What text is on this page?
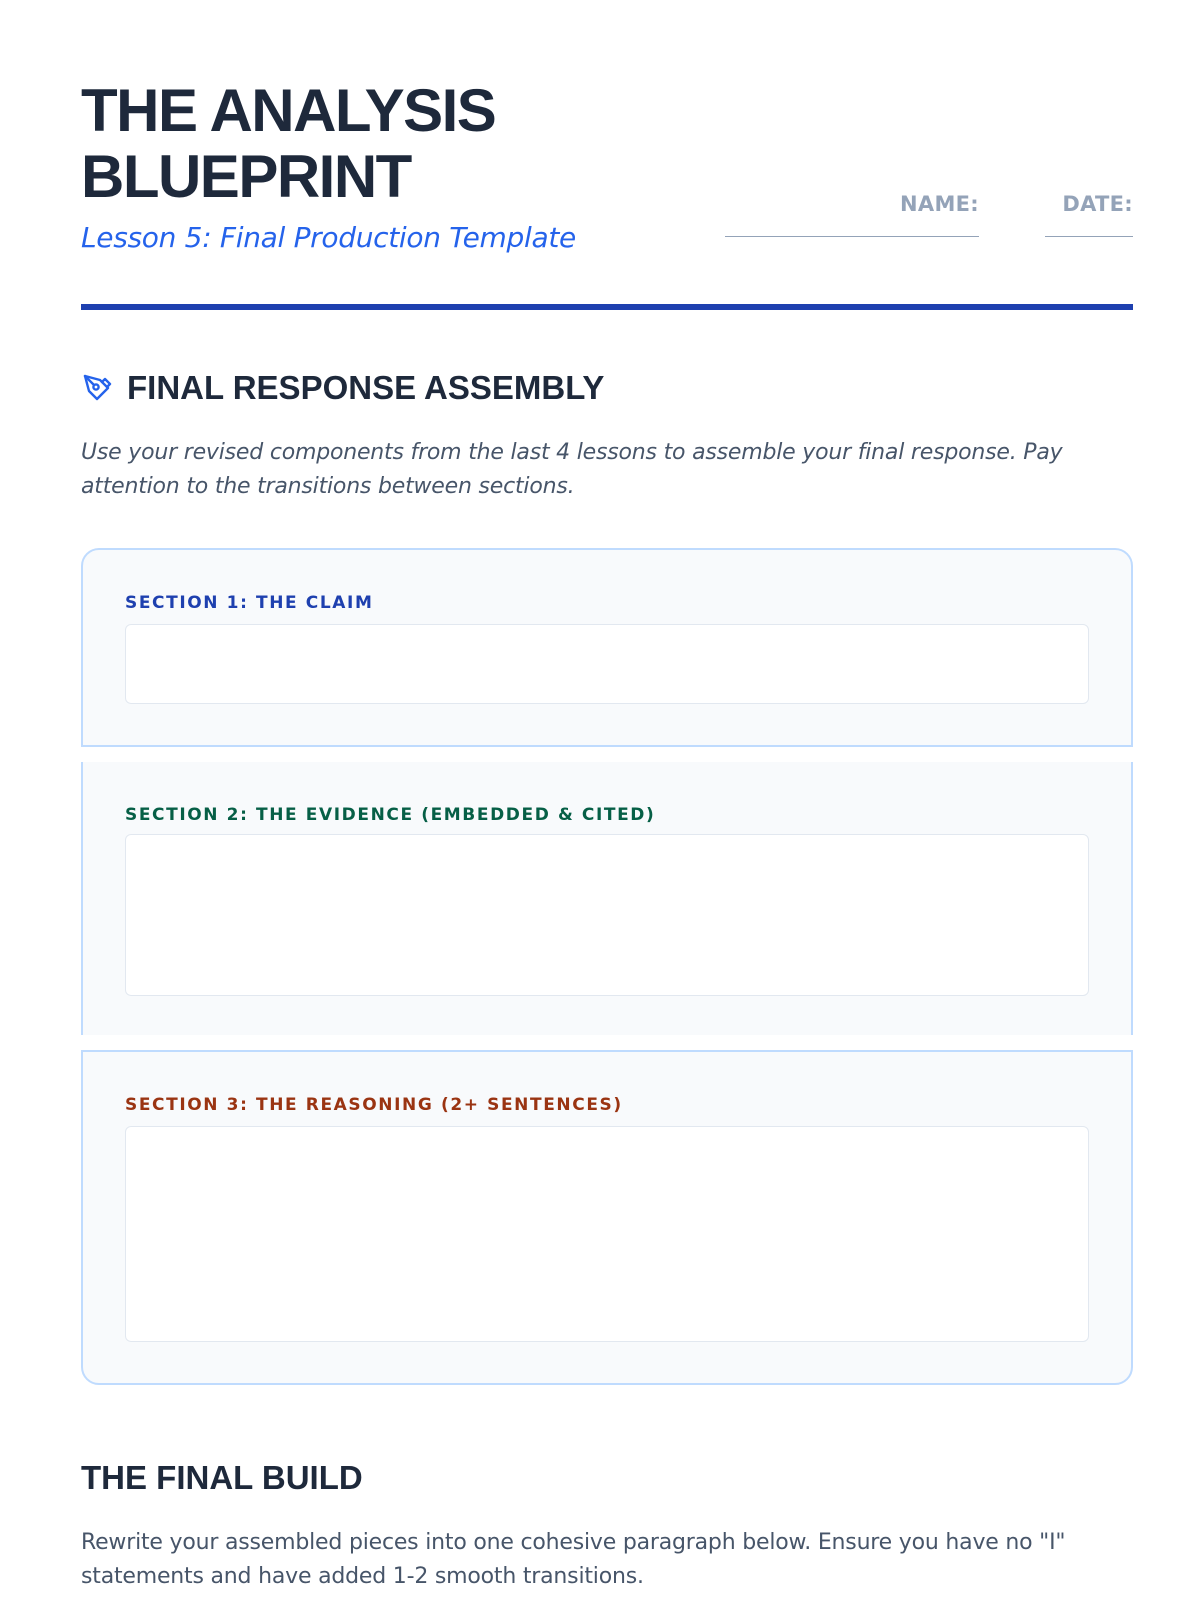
THE ANALYSIS BLUEPRINT
Lesson 5: Final Production Template
NAME:	DATE:
FINAL RESPONSE ASSEMBLY

Use your revised components from the last 4 lessons to assemble your final response. Pay attention to the transitions between sections.

SECTION 1: THE CLAIM
SECTION 2: THE EVIDENCE (EMBEDDED & CITED)
SECTION 3: THE REASONING (2+ SENTENCES)
THE FINAL BUILD

Rewrite your assembled pieces into one cohesive paragraph below. Ensure you have no "I" statements and have added 1-2 smooth transitions.
